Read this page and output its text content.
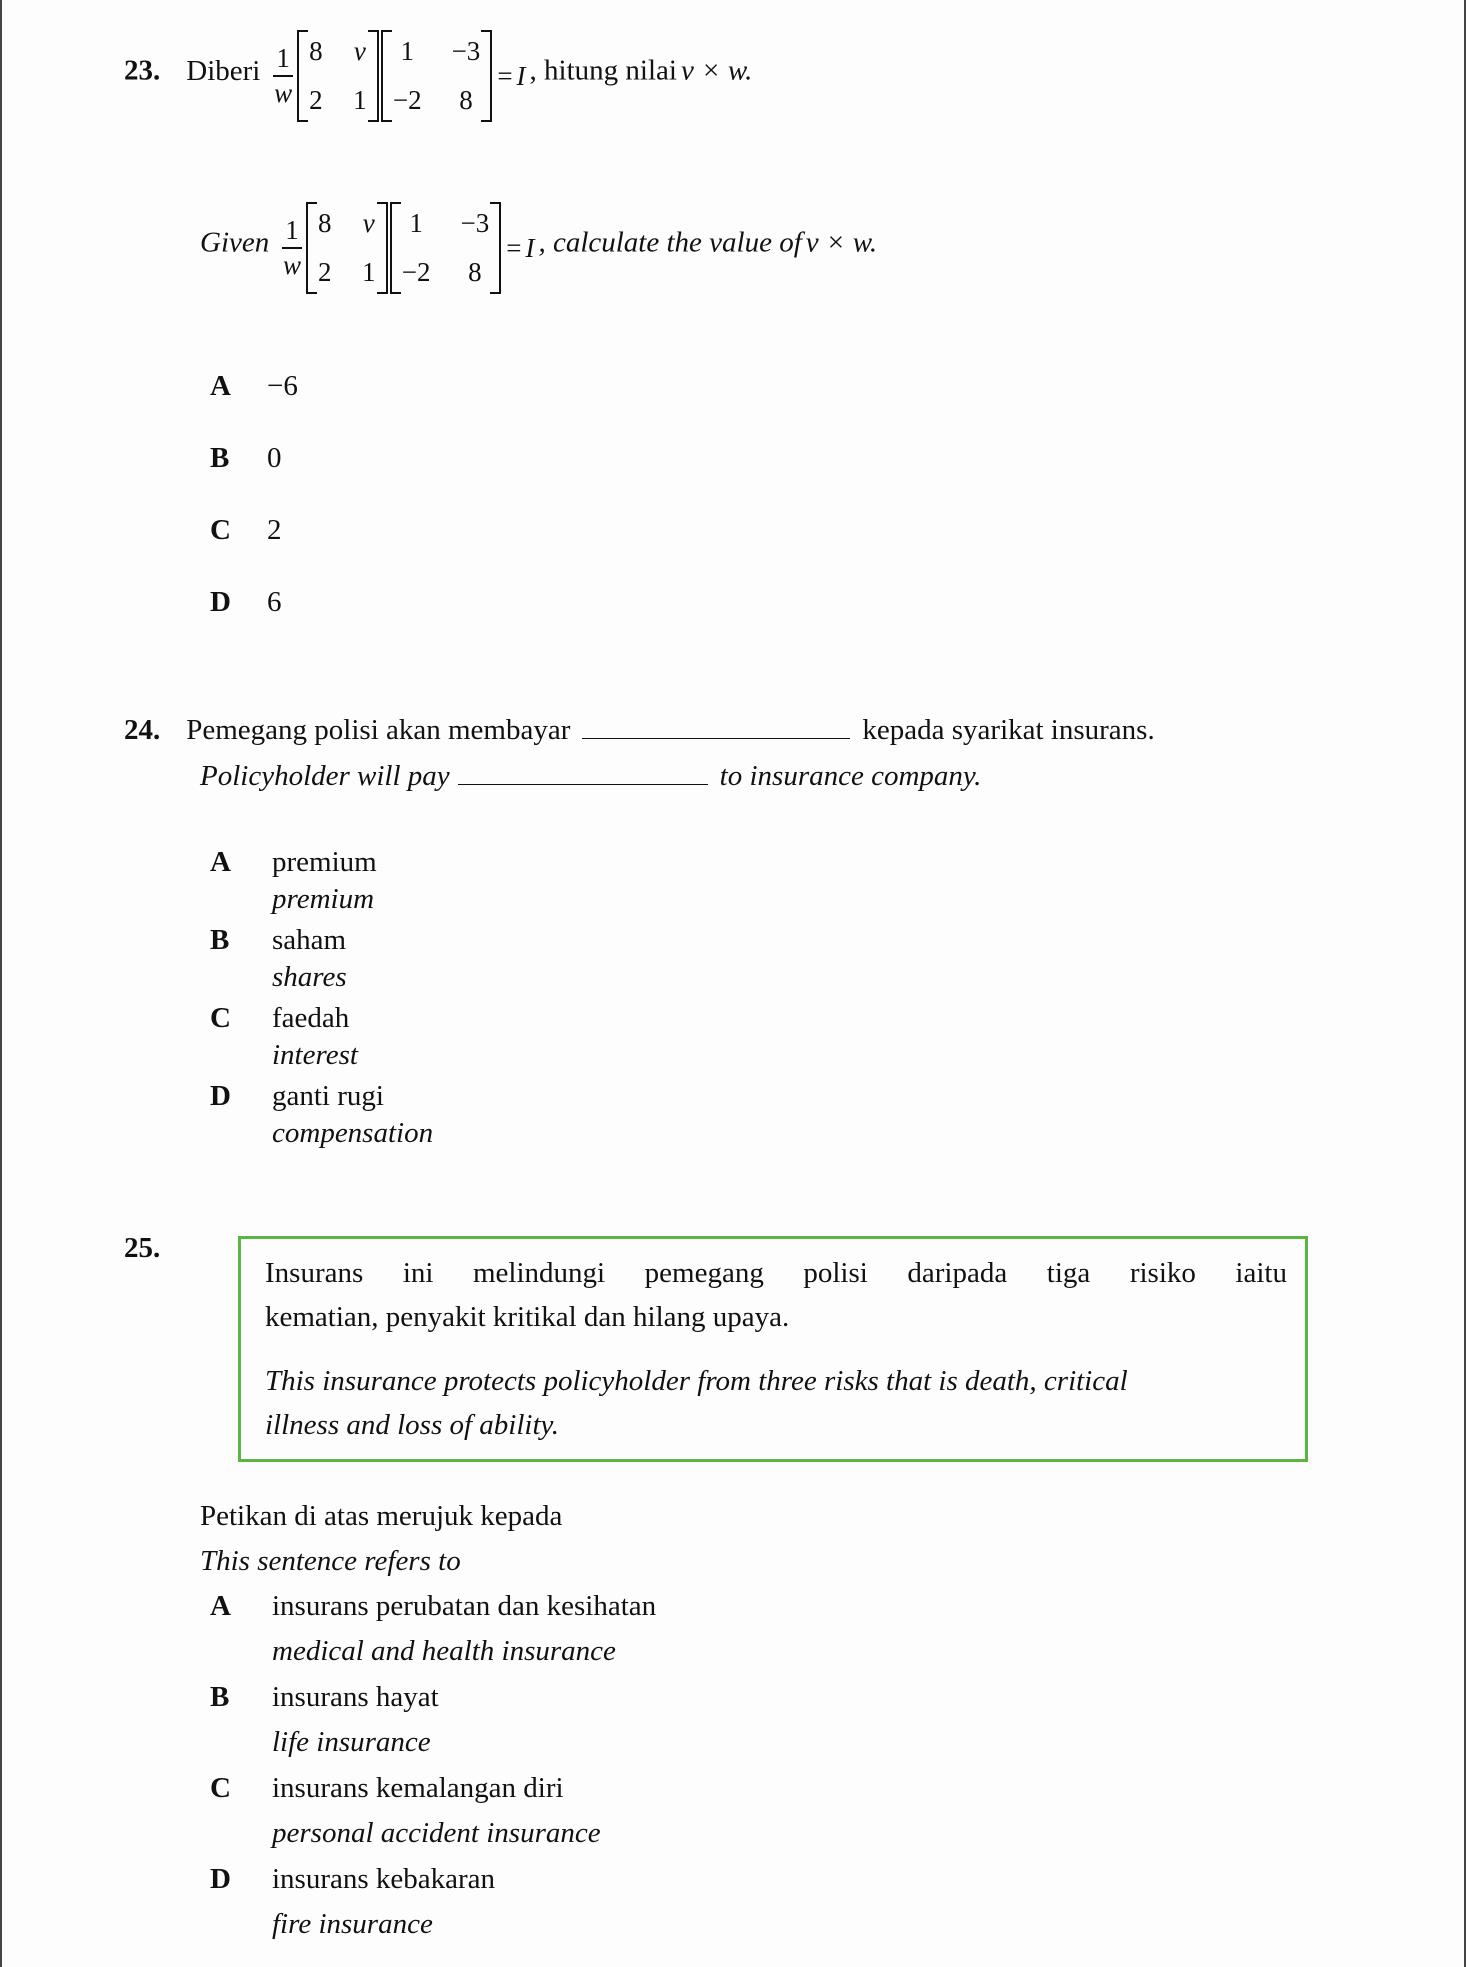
23. Diberi $\frac{1}{w} 8$ v
2 1
1 −3
−2 8
= I , hitung nilai v × w.
Given $\frac{1}{w} 8$ v
2 1
1 −3
−2 8
= I , calculate the value of v × w.
A −6
B 0
C 2
D 6
24. Pemegang polisi akan membayar	kepada syarikat insurans.
Policyholder will pay	to insurance company.
A premium
premium
B saham
shares
C faedah
interest
D ganti rugi
compensation
25.
Insurans ini melindungi pemegang polisi daripada tiga risiko iaitu
kematian, penyakit kritikal dan hilang upaya.
This insurance protects policyholder from three risks that is death, critical
illness and loss of ability.
Petikan di atas merujuk kepada
This sentence refers to
A insurans perubatan dan kesihatan
medical and health insurance
B insurans hayat
life insurance
C insurans kemalangan diri
personal accident insurance
D insurans kebakaran
fire insurance
